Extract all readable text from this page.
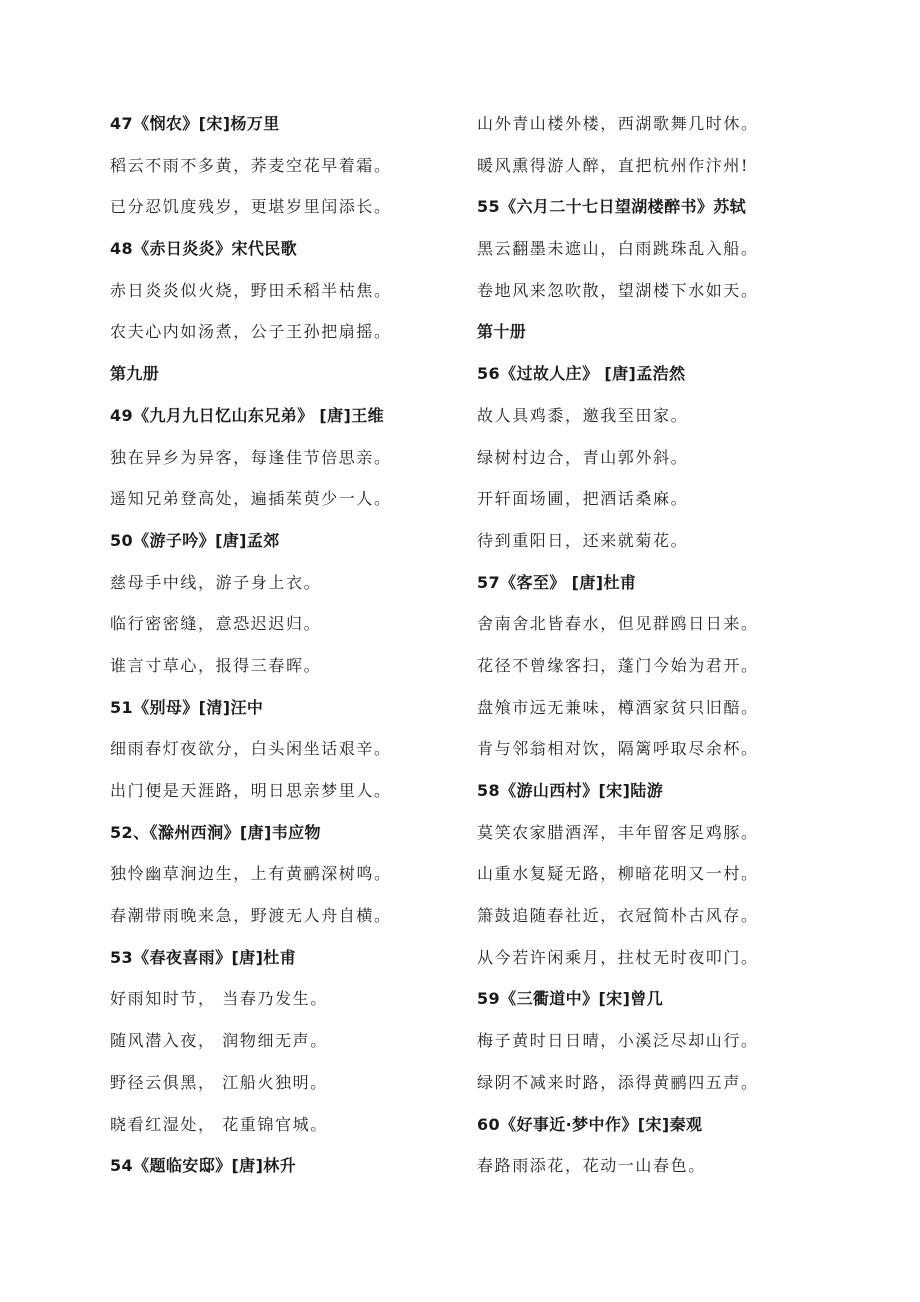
47《悯农》[宋]杨万里
稻云不雨不多黄，荞麦空花早着霜。
已分忍饥度残岁，更堪岁里闰添长。
48《赤日炎炎》宋代民歌
赤日炎炎似火烧，野田禾稻半枯焦。
农夫心内如汤煮，公子王孙把扇摇。
第九册
49《九月九日忆山东兄弟》 [唐]王维
独在异乡为异客，每逢佳节倍思亲。
遥知兄弟登高处，遍插茱萸少一人。
50《游子吟》[唐]孟郊
慈母手中线，游子身上衣。
临行密密缝，意恐迟迟归。
谁言寸草心，报得三春晖。
51《别母》[清]汪中
细雨春灯夜欲分，白头闲坐话艰辛。
出门便是天涯路，明日思亲梦里人。
52、《滁州西涧》[唐]韦应物
独怜幽草涧边生，上有黄鹂深树鸣。
春潮带雨晚来急，野渡无人舟自横。
53《春夜喜雨》[唐]杜甫
好雨知时节， 当春乃发生。
随风潜入夜， 润物细无声。
野径云俱黑， 江船火独明。
晓看红湿处， 花重锦官城。
54《题临安邸》[唐]林升
山外青山楼外楼，西湖歌舞几时休。
暖风熏得游人醉，直把杭州作汴州!
55《六月二十七日望湖楼醉书》苏轼
黑云翻墨未遮山，白雨跳珠乱入船。
卷地风来忽吹散，望湖楼下水如天。
第十册
56《过故人庄》 [唐]孟浩然
故人具鸡黍，邀我至田家。
绿树村边合，青山郭外斜。
开轩面场圃，把酒话桑麻。
待到重阳日，还来就菊花。
57《客至》 [唐]杜甫
舍南舍北皆春水，但见群鸥日日来。
花径不曾缘客扫，蓬门今始为君开。
盘飧市远无兼味，樽酒家贫只旧醅。
肯与邻翁相对饮，隔篱呼取尽余杯。
58《游山西村》[宋]陆游
莫笑农家腊酒浑，丰年留客足鸡豚。
山重水复疑无路，柳暗花明又一村。
箫鼓追随春社近，衣冠简朴古风存。
从今若许闲乘月，拄杖无时夜叩门。
59《三衢道中》[宋]曾几
梅子黄时日日晴，小溪泛尽却山行。
绿阴不减来时路，添得黄鹂四五声。
60《好事近·梦中作》[宋]秦观
春路雨添花，花动一山春色。
